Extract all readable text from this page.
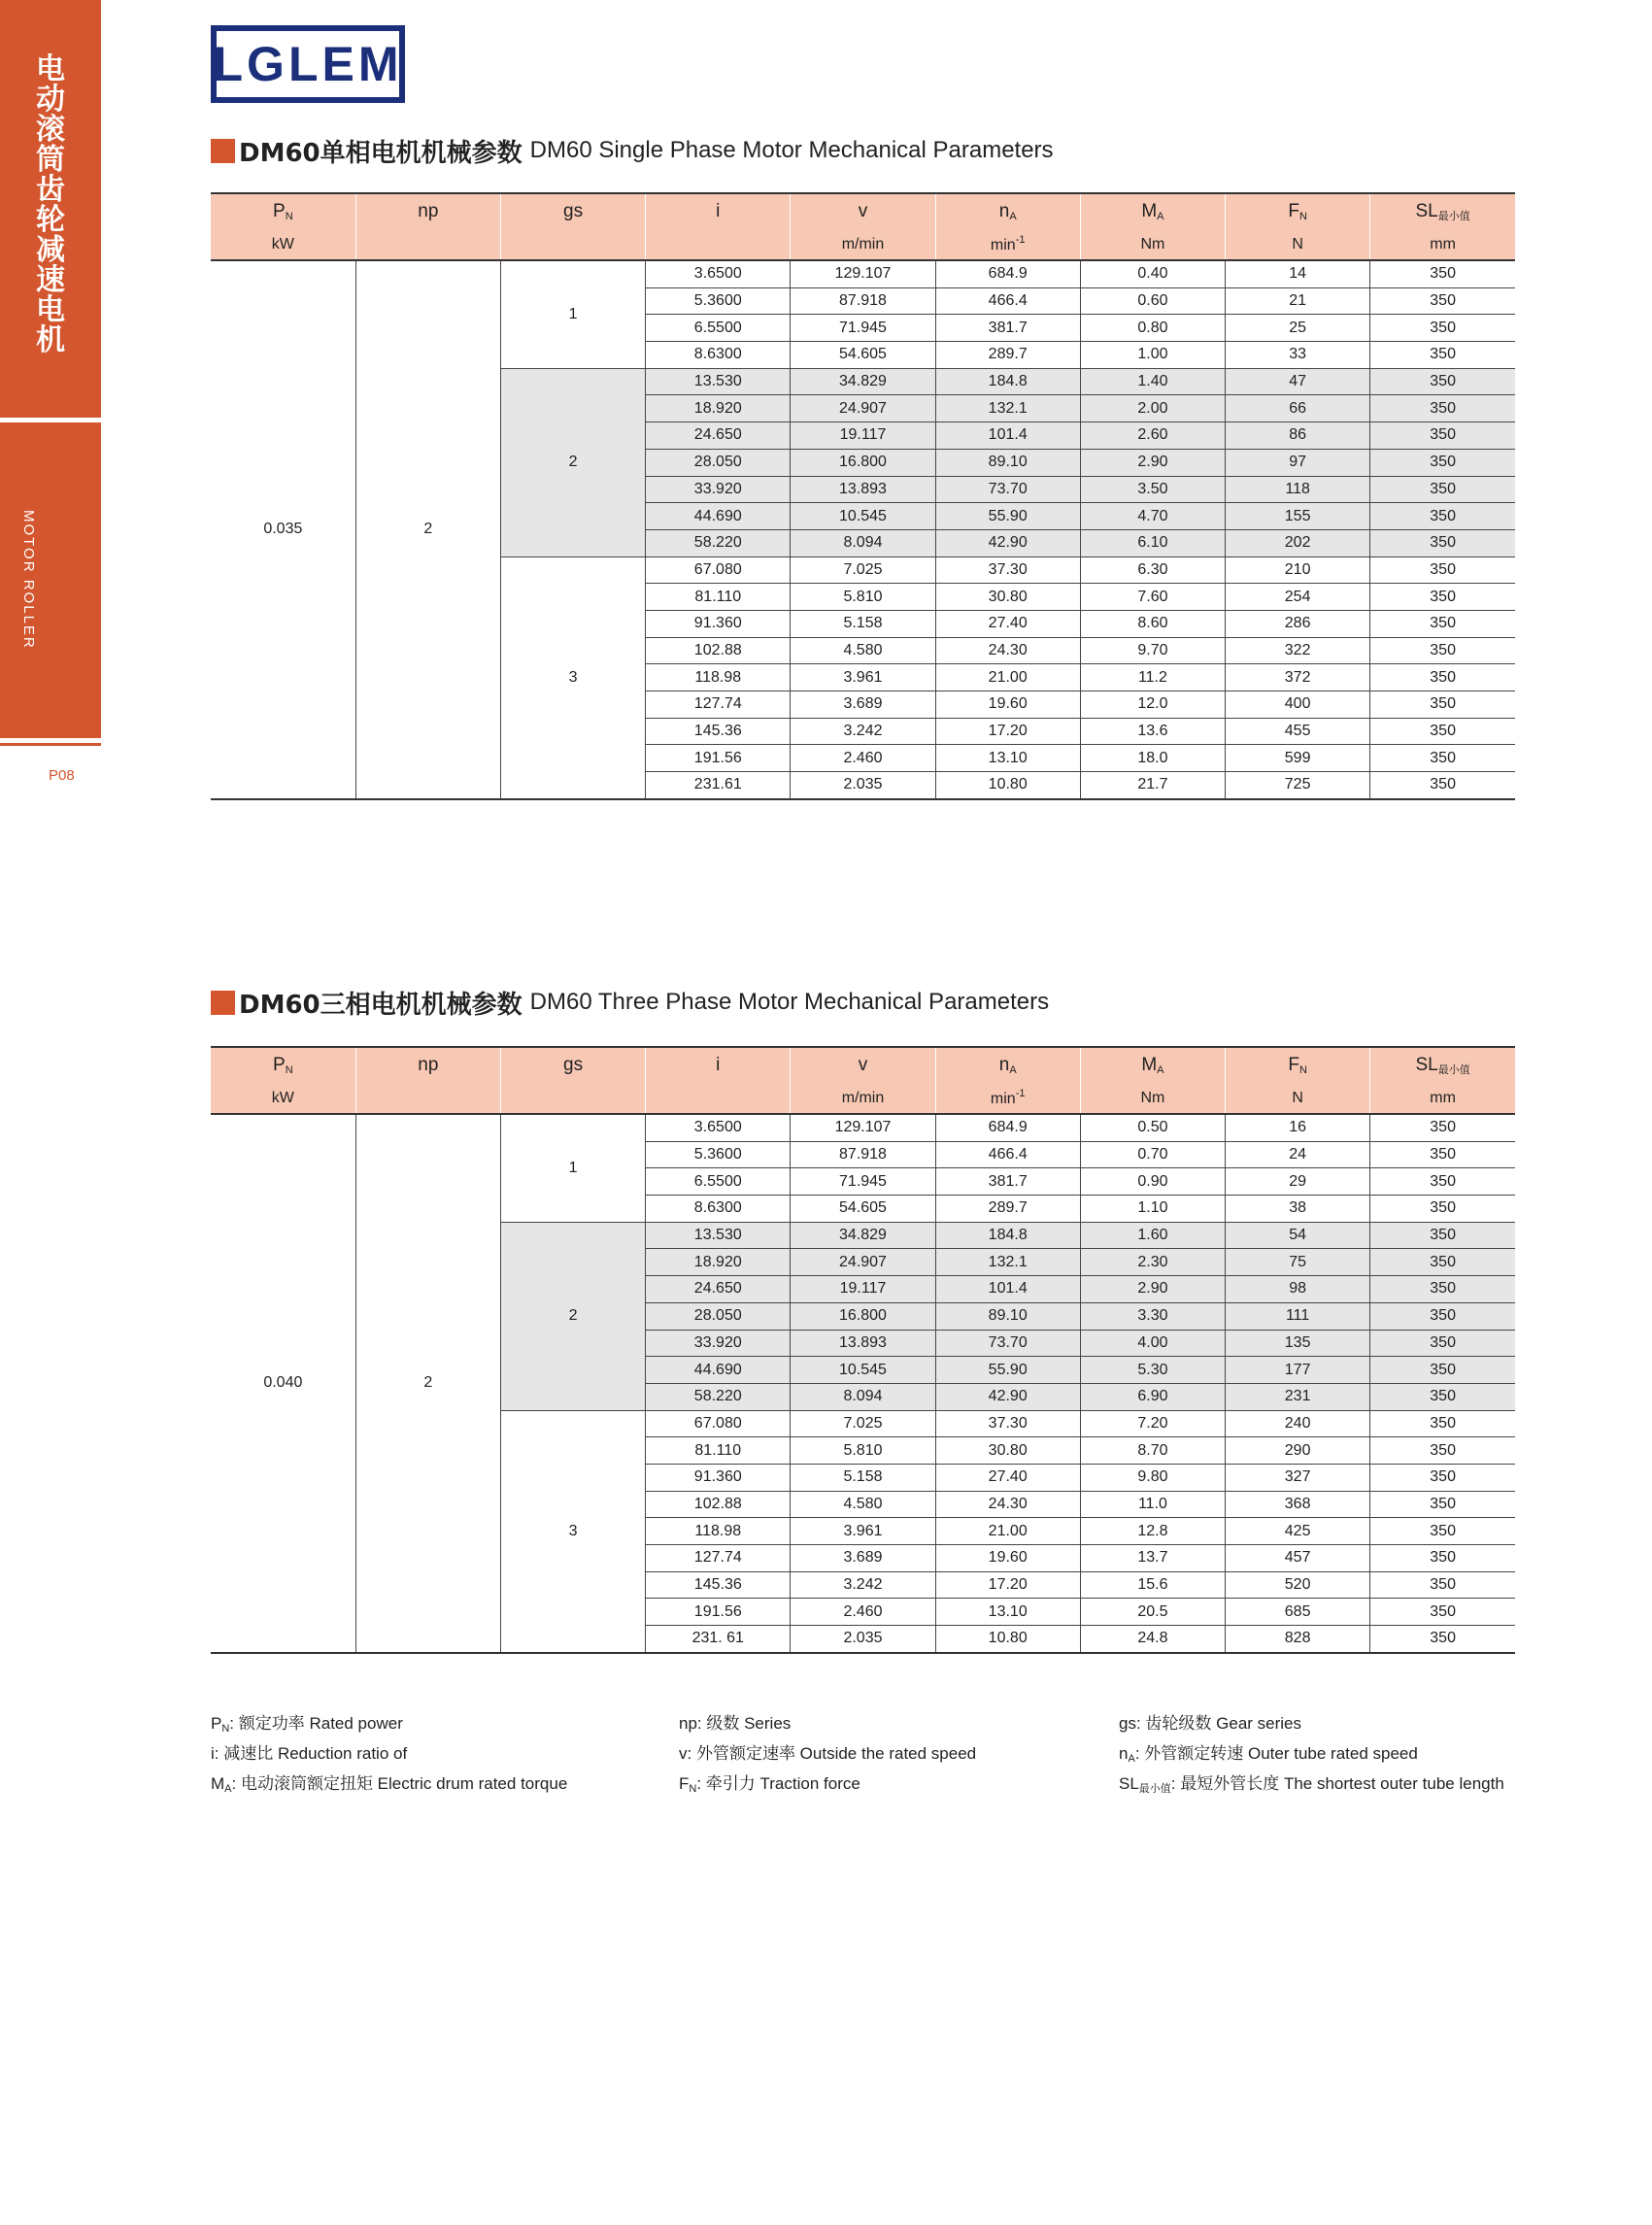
电
动
滚
筒
齿
轮
减
速
电
机
MOTOR ROLLER
P08
LGLEM
DM60单相电机机械参数 DM60 Single Phase Motor Mechanical Parameters
$P_N$	np	gs	i	v	$n_A$	$M_A$	$F_N$	$SL_{最小值}$
kW				m/min	$\min^{-1}$	Nm	N	mm
0.035	2	1	3.6500	129.107	684.9	0.40	14	350
			5.3600	87.918	466.4	0.60	21	350
			6.5500	71.945	381.7	0.80	25	350
			8.6300	54.605	289.7	1.00	33	350
		2	13.530	34.829	184.8	1.40	47	350
			18.920	24.907	132.1	2.00	66	350
			24.650	19.117	101.4	2.60	86	350
			28.050	16.800	89.10	2.90	97	350
			33.920	13.893	73.70	3.50	118	350
			44.690	10.545	55.90	4.70	155	350
			58.220	8.094	42.90	6.10	202	350
		3	67.080	7.025	37.30	6.30	210	350
			81.110	5.810	30.80	7.60	254	350
			91.360	5.158	27.40	8.60	286	350
			102.88	4.580	24.30	9.70	322	350
			118.98	3.961	21.00	11.2	372	350
			127.74	3.689	19.60	12.0	400	350
			145.36	3.242	17.20	13.6	455	350
			191.56	2.460	13.10	18.0	599	350
			231.61	2.035	10.80	21.7	725	350
DM60三相电机机械参数 DM60 Three Phase Motor Mechanical Parameters
$P_N$	np	gs	i	v	$n_A$	$M_A$	$F_N$	$SL_{最小值}$
kW				m/min	$\min^{-1}$	Nm	N	mm
0.040	2	1	3.6500	129.107	684.9	0.50	16	350
			5.3600	87.918	466.4	0.70	24	350
			6.5500	71.945	381.7	0.90	29	350
			8.6300	54.605	289.7	1.10	38	350
		2	13.530	34.829	184.8	1.60	54	350
			18.920	24.907	132.1	2.30	75	350
			24.650	19.117	101.4	2.90	98	350
			28.050	16.800	89.10	3.30	111	350
			33.920	13.893	73.70	4.00	135	350
			44.690	10.545	55.90	5.30	177	350
			58.220	8.094	42.90	6.90	231	350
		3	67.080	7.025	37.30	7.20	240	350
			81.110	5.810	30.80	8.70	290	350
			91.360	5.158	27.40	9.80	327	350
			102.88	4.580	24.30	11.0	368	350
			118.98	3.961	21.00	12.8	425	350
			127.74	3.689	19.60	13.7	457	350
			145.36	3.242	17.20	15.6	520	350
			191.56	2.460	13.10	20.5	685	350
			231. 61	2.035	10.80	24.8	828	350
$P_N$: 额定功率 Rated power	np: 级数 Series	gs: 齿轮级数 Gear series
i: 减速比 Reduction ratio of	v: 外管额定速率 Outside the rated speed	$n_A$: 外管额定转速 Outer tube rated speed
$M_A$: 电动滚筒额定扭矩 Electric drum rated torque	$F_N$: 牵引力 Traction force	$SL_{最小值}$: 最短外管长度 The shortest outer tube length
